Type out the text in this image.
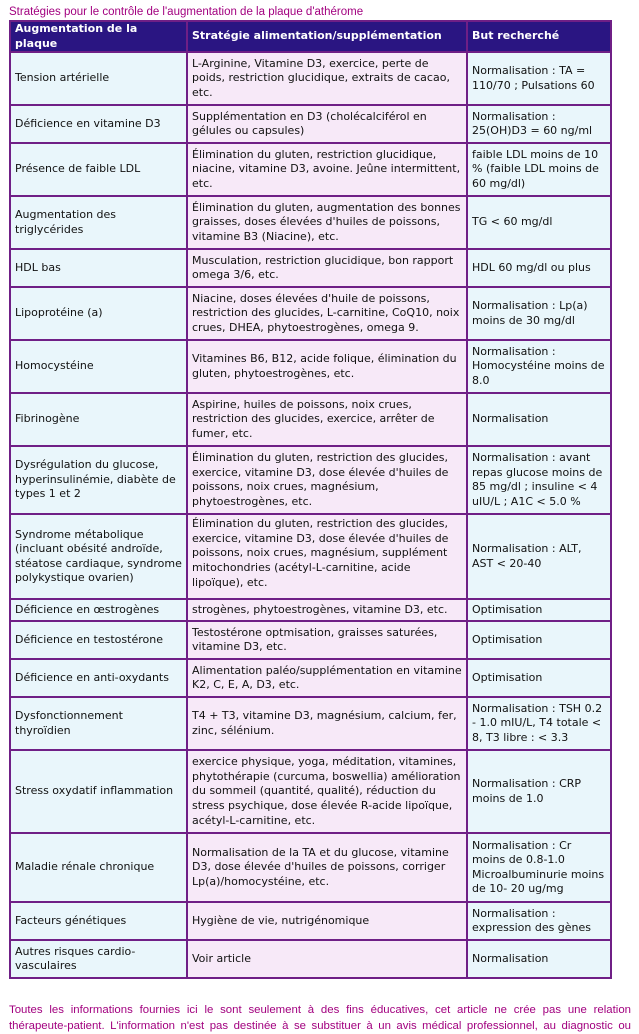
Stratégies pour le contrôle de l'augmentation de la plaque d'athérome
Augmentation de la plaque	Stratégie alimentation/supplémentation	But recherché
Tension artérielle	L-Arginine, Vitamine D3, exercice, perte de poids, restriction glucidique, extraits de cacao, etc.	Normalisation : TA = 110/70 ; Pulsations 60
Déficience en vitamine D3	Supplémentation en D3 (cholécalciférol en gélules ou capsules)	Normalisation : 25(OH)D3 = 60 ng/ml
Présence de faible LDL	Élimination du gluten, restriction glucidique, niacine, vitamine D3, avoine. Jeûne intermittent, etc.	faible LDL moins de 10 % (faible LDL moins de 60 mg/dl)
Augmentation des triglycérides	Élimination du gluten, augmentation des bonnes graisses, doses élevées d'huiles de poissons, vitamine B3 (Niacine), etc.	TG < 60 mg/dl
HDL bas	Musculation, restriction glucidique, bon rapport omega 3/6, etc.	HDL 60 mg/dl ou plus
Lipoprotéine (a)	Niacine, doses élevées d'huile de poissons, restriction des glucides, L-carnitine, CoQ10, noix crues, DHEA, phytoestrogènes, omega 9.	Normalisation : Lp(a) moins de 30 mg/dl
Homocystéine	Vitamines B6, B12, acide folique, élimination du gluten, phytoestrogènes, etc.	Normalisation : Homocystéine moins de 8.0
Fibrinogène	Aspirine, huiles de poissons, noix crues, restriction des glucides, exercice, arrêter de fumer, etc.	Normalisation
Dysrégulation du glucose, hyperinsulinémie, diabète de types 1 et 2	Élimination du gluten, restriction des glucides, exercice, vitamine D3, dose élevée d'huiles de poissons, noix crues, magnésium, phytoestrogènes, etc.	Normalisation : avant repas glucose moins de 85 mg/dl ; insuline < 4 uIU/L ; A1C < 5.0 %
Syndrome métabolique (incluant obésité androïde, stéatose cardiaque, syndrome polykystique ovarien)	Élimination du gluten, restriction des glucides, exercice, vitamine D3, dose élevée d'huiles de poissons, noix crues, magnésium, supplément mitochondries (acétyl-L-carnitine, acide lipoïque), etc.	Normalisation : ALT, AST < 20-40
Déficience en œstrogènes	strogènes, phytoestrogènes, vitamine D3, etc.	Optimisation
Déficience en testostérone	Testostérone optmisation, graisses saturées, vitamine D3, etc.	Optimisation
Déficience en anti-oxydants	Alimentation paléo/supplémentation en vitamine K2, C, E, A, D3, etc.	Optimisation
Dysfonctionnement thyroïdien	T4 + T3, vitamine D3, magnésium, calcium, fer, zinc, sélénium.	Normalisation : TSH 0.2 - 1.0 mIU/L, T4 totale < 8, T3 libre : < 3.3
Stress oxydatif inflammation	exercice physique, yoga, méditation, vitamines, phytothérapie (curcuma, boswellia) amélioration du sommeil (quantité, qualité), réduction du stress psychique, dose élevée R-acide lipoïque, acétyl-L-carnitine, etc.	Normalisation : CRP moins de 1.0
Maladie rénale chronique	Normalisation de la TA et du glucose, vitamine D3, dose élevée d'huiles de poissons, corriger Lp(a)/homocystéine, etc.	Normalisation : Cr moins de 0.8-1.0 Microalbuminurie moins de 10- 20 ug/mg
Facteurs génétiques	Hygiène de vie, nutrigénomique	Normalisation : expression des gènes
Autres risques cardio-vasculaires	Voir article	Normalisation
Toutes les informations fournies ici le sont seulement à des fins éducatives, cet article ne crée pas une relation
thérapeute-patient. L'information n'est pas destinée à se substituer à un avis médical professionnel, au diagnostic ou
